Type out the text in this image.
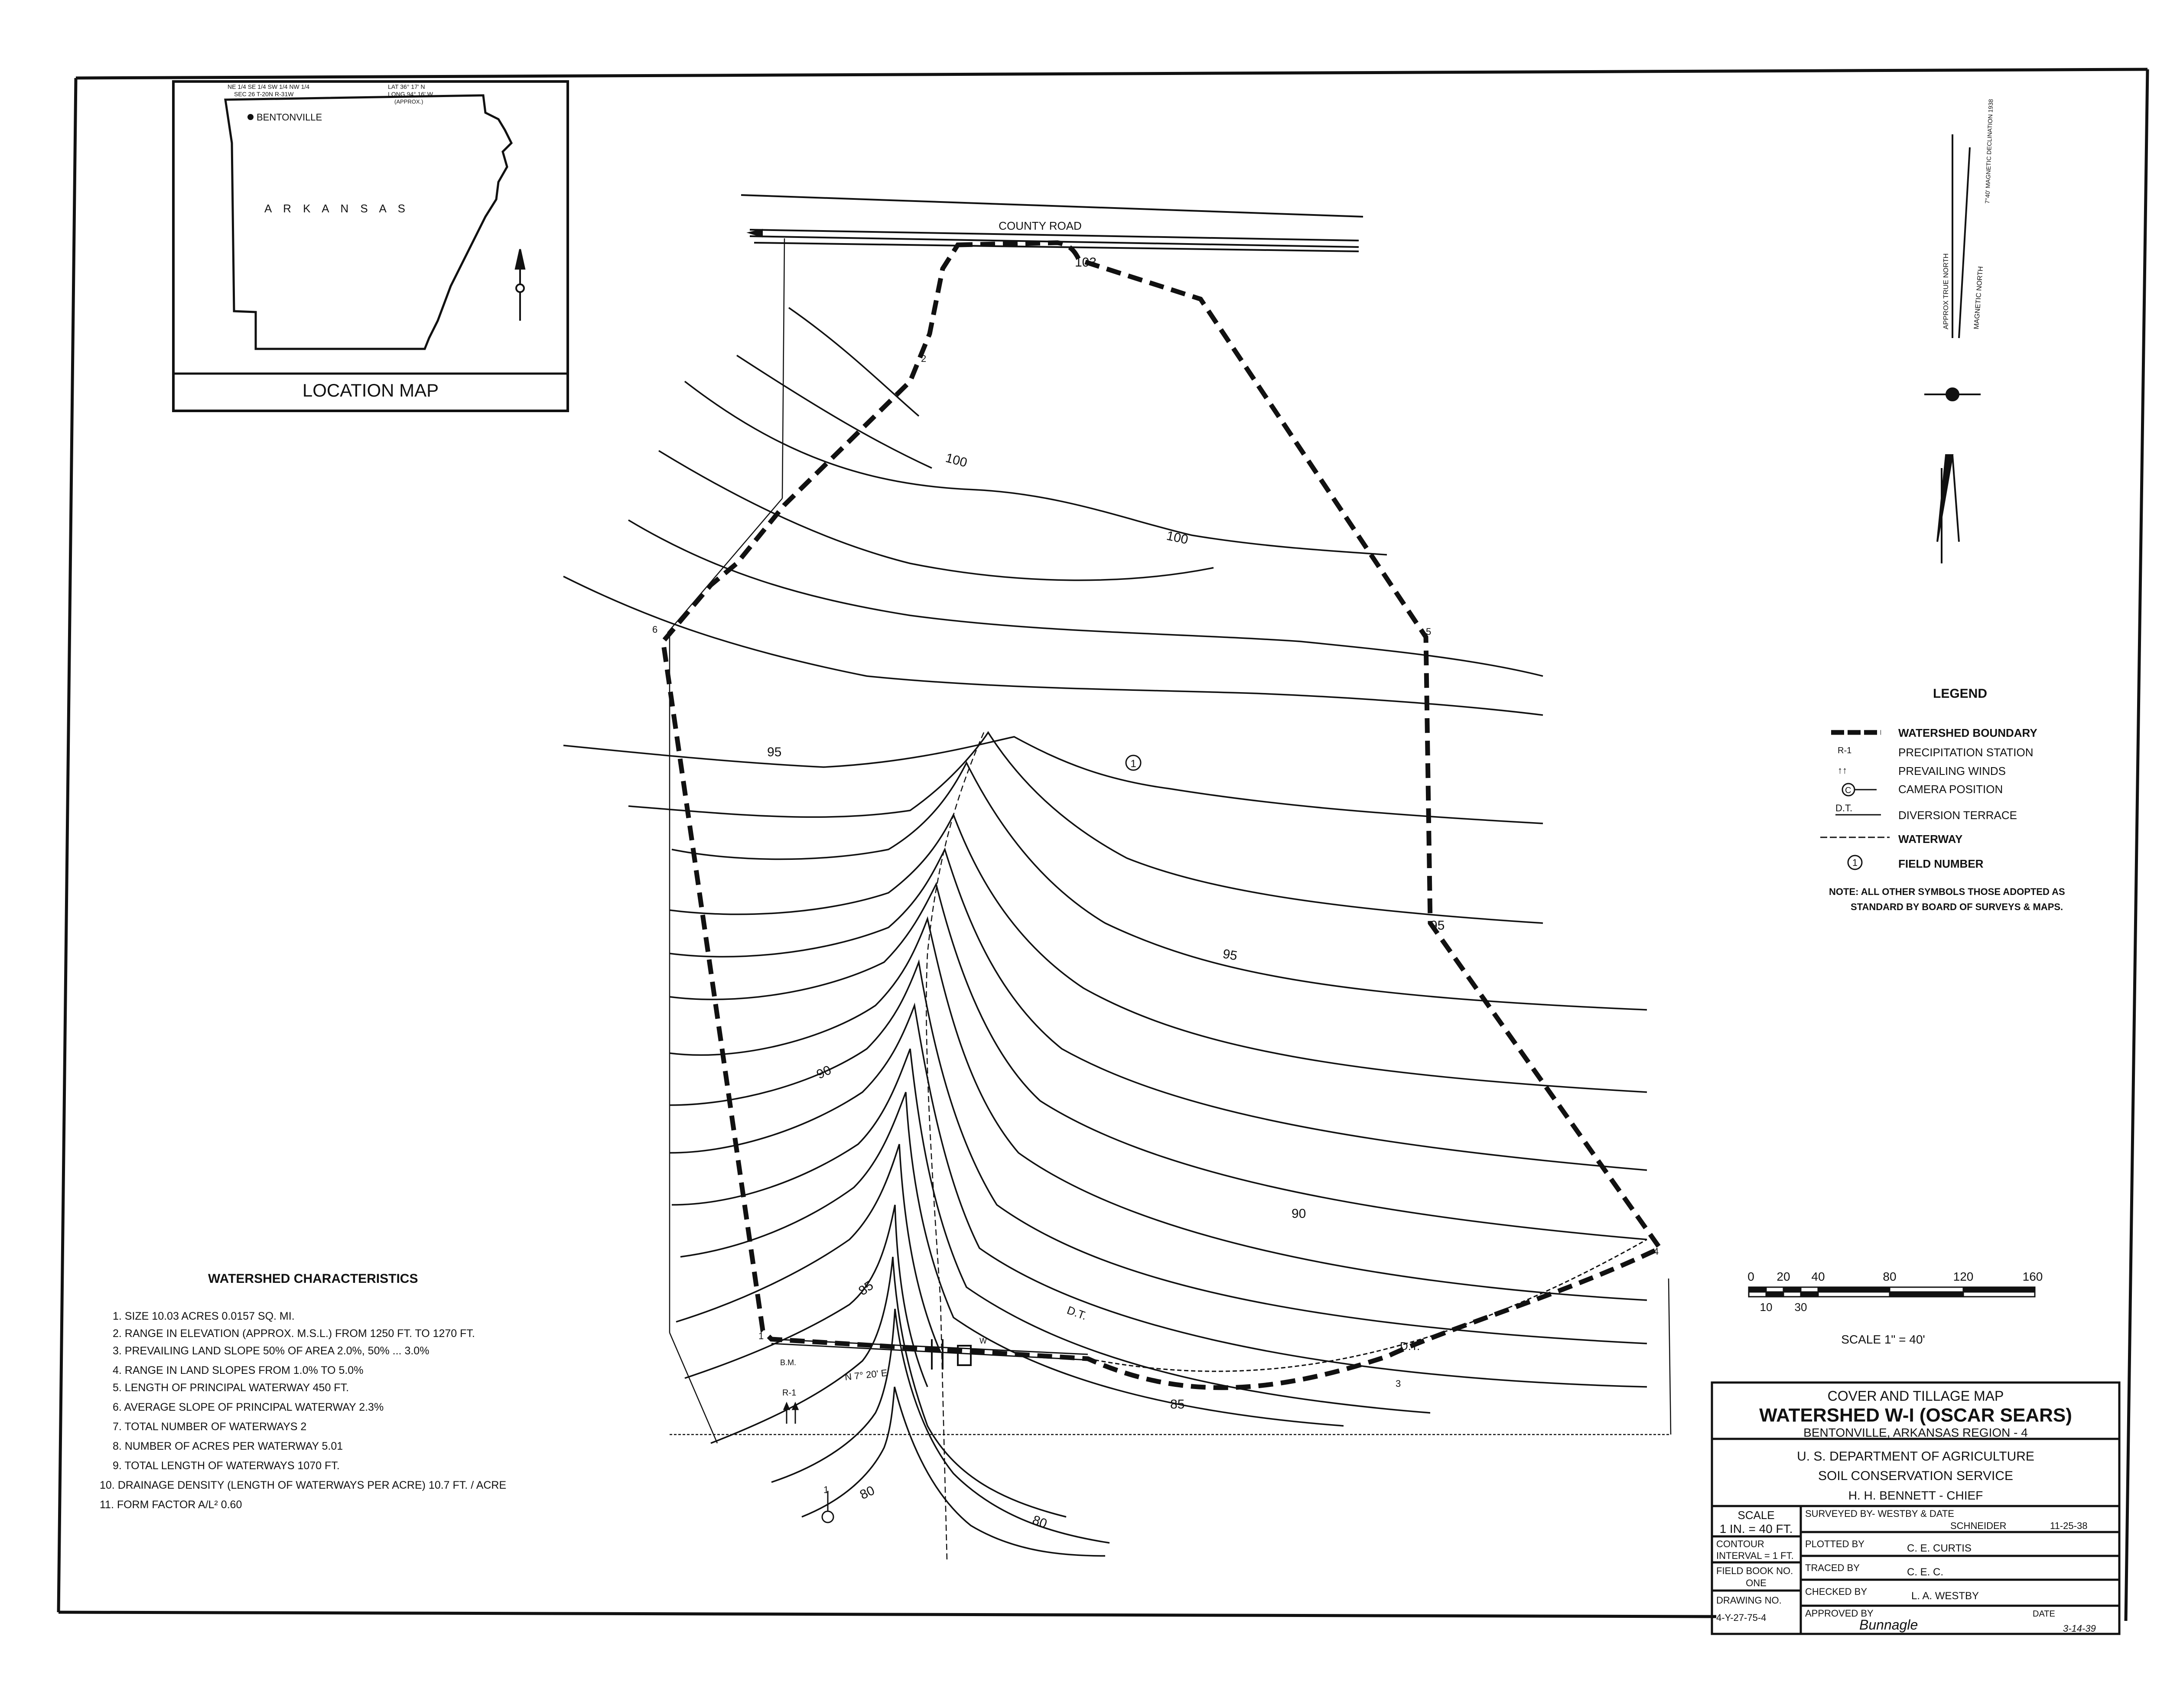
BENTONVILLE
A R K A N S A S
NE 1/4 SE 1/4 SW 1/4 NW 1/4
SEC 26 T-20N R-31W
LAT 36° 17' N
LONG 94° 16' W
(APPROX.)
LOCATION MAP
COUNTY ROAD
103
100
100
95
95
95
90
90
85
85
80
80
1
2
3
4
5
6
1
D.T.
D.T.
N 7° 20' E
B.M.
R-1
1
W
APPROX TRUE NORTH	MAGNETIC NORTH
7°40' MAGNETIC DECLINATION 1938
LEGEND
WATERSHED BOUNDARY
R-1	PRECIPITATION STATION
↑↑	PREVAILING WINDS
C	CAMERA POSITION
D.T.
DIVERSION TERRACE
WATERWAY
1	FIELD NUMBER
NOTE: ALL OTHER SYMBOLS THOSE ADOPTED AS
STANDARD BY BOARD OF SURVEYS & MAPS.
0 20 40	80	120	160
10 30
SCALE 1" = 40'
WATERSHED CHARACTERISTICS
1. SIZE 10.03 ACRES 0.0157 SQ. MI.
2. RANGE IN ELEVATION (APPROX. M.S.L.) FROM 1250 FT. TO 1270 FT.
3. PREVAILING LAND SLOPE 50% OF AREA 2.0%, 50% ... 3.0%
4. RANGE IN LAND SLOPES FROM 1.0% TO 5.0%
5. LENGTH OF PRINCIPAL WATERWAY 450 FT.
6. AVERAGE SLOPE OF PRINCIPAL WATERWAY 2.3%
7. TOTAL NUMBER OF WATERWAYS 2
8. NUMBER OF ACRES PER WATERWAY 5.01
9. TOTAL LENGTH OF WATERWAYS 1070 FT.
10. DRAINAGE DENSITY (LENGTH OF WATERWAYS PER ACRE) 10.7 FT. / ACRE
11. FORM FACTOR A/L² 0.60
COVER AND TILLAGE MAP
WATERSHED W-I (OSCAR SEARS)
BENTONVILLE, ARKANSAS REGION - 4
U. S. DEPARTMENT OF AGRICULTURE
SOIL CONSERVATION SERVICE
H. H. BENNETT - CHIEF
SCALE
1 IN. = 40 FT.
CONTOUR
INTERVAL = 1 FT.
FIELD BOOK NO.
ONE
DRAWING NO.
4-Y-27-75-4
SURVEYED BY- WESTBY & DATE
SCHNEIDER	11-25-38
PLOTTED BY	C. E. CURTIS
TRACED BY	C. E. C.
CHECKED BY	L. A. WESTBY
APPROVED BY
Bunnagle
DATE
3-14-39
